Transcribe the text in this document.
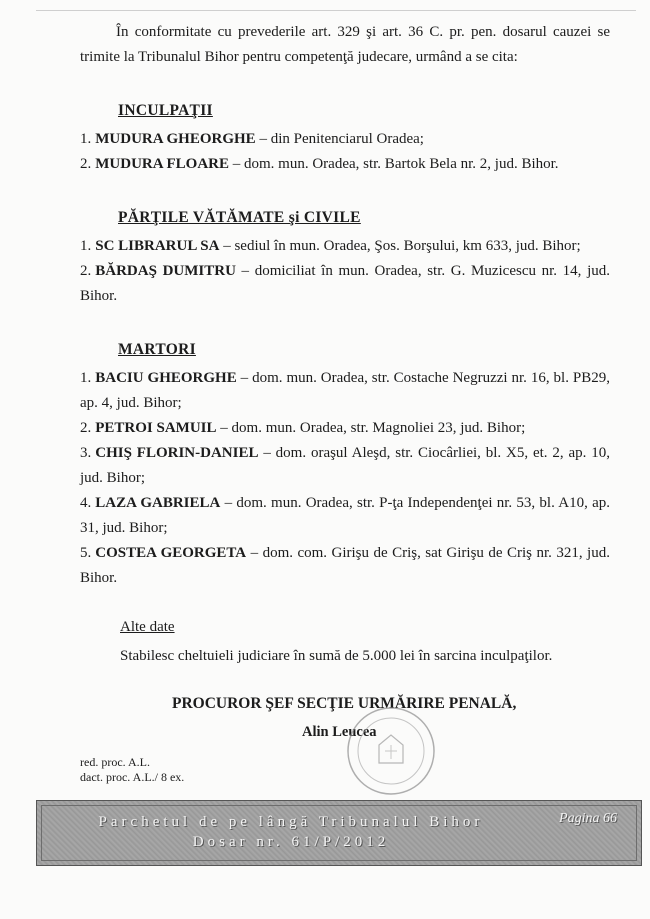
În conformitate cu prevederile art. 329 şi art. 36 C. pr. pen. dosarul cauzei se trimite la Tribunalul Bihor pentru competenţă judecare, urmând a se cita:

INCULPAŢII

1. MUDURA GHEORGHE – din Penitenciarul Oradea;

2. MUDURA FLOARE – dom. mun. Oradea, str. Bartok Bela nr. 2, jud. Bihor.

PĂRŢILE VĂTĂMATE şi CIVILE

1. SC LIBRARUL SA – sediul în mun. Oradea, Şos. Borşului, km 633, jud. Bihor;

2. BĂRDAŞ DUMITRU – domiciliat în mun. Oradea, str. G. Muzicescu nr. 14, jud. Bihor.

MARTORI

1. BACIU GHEORGHE – dom. mun. Oradea, str. Costache Negruzzi nr. 16, bl. PB29, ap. 4, jud. Bihor;

2. PETROI SAMUIL – dom. mun. Oradea, str. Magnoliei 23, jud. Bihor;

3. CHIŞ FLORIN-DANIEL – dom. oraşul Aleşd, str. Ciocârliei, bl. X5, et. 2, ap. 10, jud. Bihor;

4. LAZA GABRIELA – dom. mun. Oradea, str. P-ţa Independenţei nr. 53, bl. A10, ap. 31, jud. Bihor;

5. COSTEA GEORGETA – dom. com. Girişu de Criş, sat Girişu de Criş nr. 321, jud. Bihor.

Alte date
Stabilesc cheltuieli judiciare în sumă de 5.000 lei în sarcina inculpaţilor.
PROCUROR ŞEF SECŢIE URMĂRIRE PENALĂ,
Alin Leucea
red. proc. A.L.
dact. proc. A.L./ 8 ex.
Parchetul de pe lângă Tribunalul Bihor
Dosar nr. 61/P/2012
Pagina 66
